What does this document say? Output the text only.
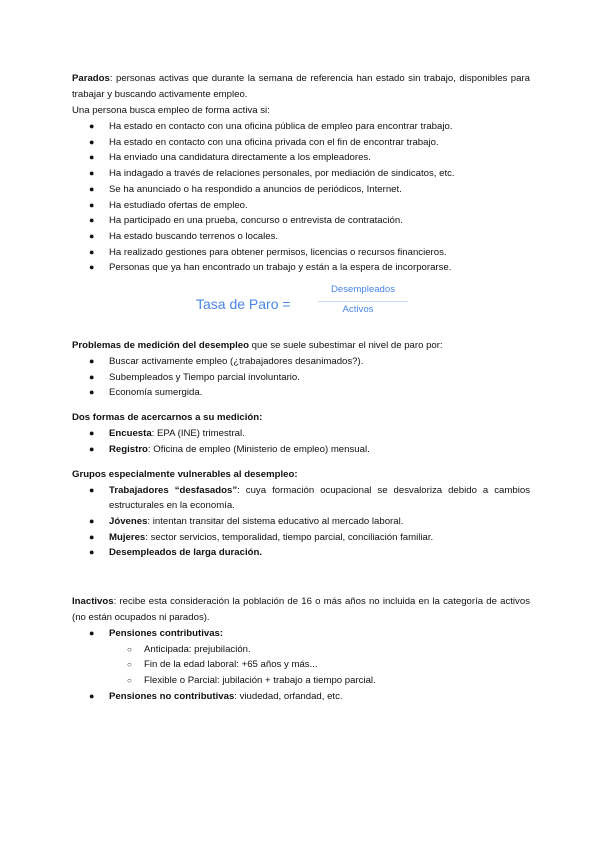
Parados: personas activas que durante la semana de referencia han estado sin trabajo, disponibles para trabajar y buscando activamente empleo.

Una persona busca empleo de forma activa si:

● Ha estado en contacto con una oficina pública de empleo para encontrar trabajo.
● Ha estado en contacto con una oficina privada con el fin de encontrar trabajo.
● Ha enviado una candidatura directamente a los empleadores.
● Ha indagado a través de relaciones personales, por mediación de sindicatos, etc.
● Se ha anunciado o ha respondido a anuncios de periódicos, Internet.
● Ha estudiado ofertas de empleo.
● Ha participado en una prueba, concurso o entrevista de contratación.
● Ha estado buscando terrenos o locales.
● Ha realizado gestiones para obtener permisos, licencias o recursos financieros.
● Personas que ya han encontrado un trabajo y están a la espera de incorporarse.
Tasa de Paro =
Desempleados
Activos

Problemas de medición del desempleo que se suele subestimar el nivel de paro por:

● Buscar activamente empleo (¿trabajadores desanimados?).
● Subempleados y Tiempo parcial involuntario.
● Economía sumergida.

Dos formas de acercarnos a su medición:

● Encuesta: EPA (INE) trimestral.
● Registro: Oficina de empleo (Ministerio de empleo) mensual.

Grupos especialmente vulnerables al desempleo:

● Trabajadores “desfasados”: cuya formación ocupacional se desvaloriza debido a cambios estructurales en la economía.
● Jóvenes: intentan transitar del sistema educativo al mercado laboral.
● Mujeres: sector servicios, temporalidad, tiempo parcial, conciliación familiar.
● Desempleados de larga duración.

Inactivos: recibe esta consideración la población de 16 o más años no incluida en la categoría de activos (no están ocupados ni parados).

● Pensiones contributivas:
○ Anticipada: prejubilación.
○ Fin de la edad laboral: +65 años y más...
○ Flexible o Parcial: jubilación + trabajo a tiempo parcial.
● Pensiones no contributivas: viudedad, orfandad, etc.
